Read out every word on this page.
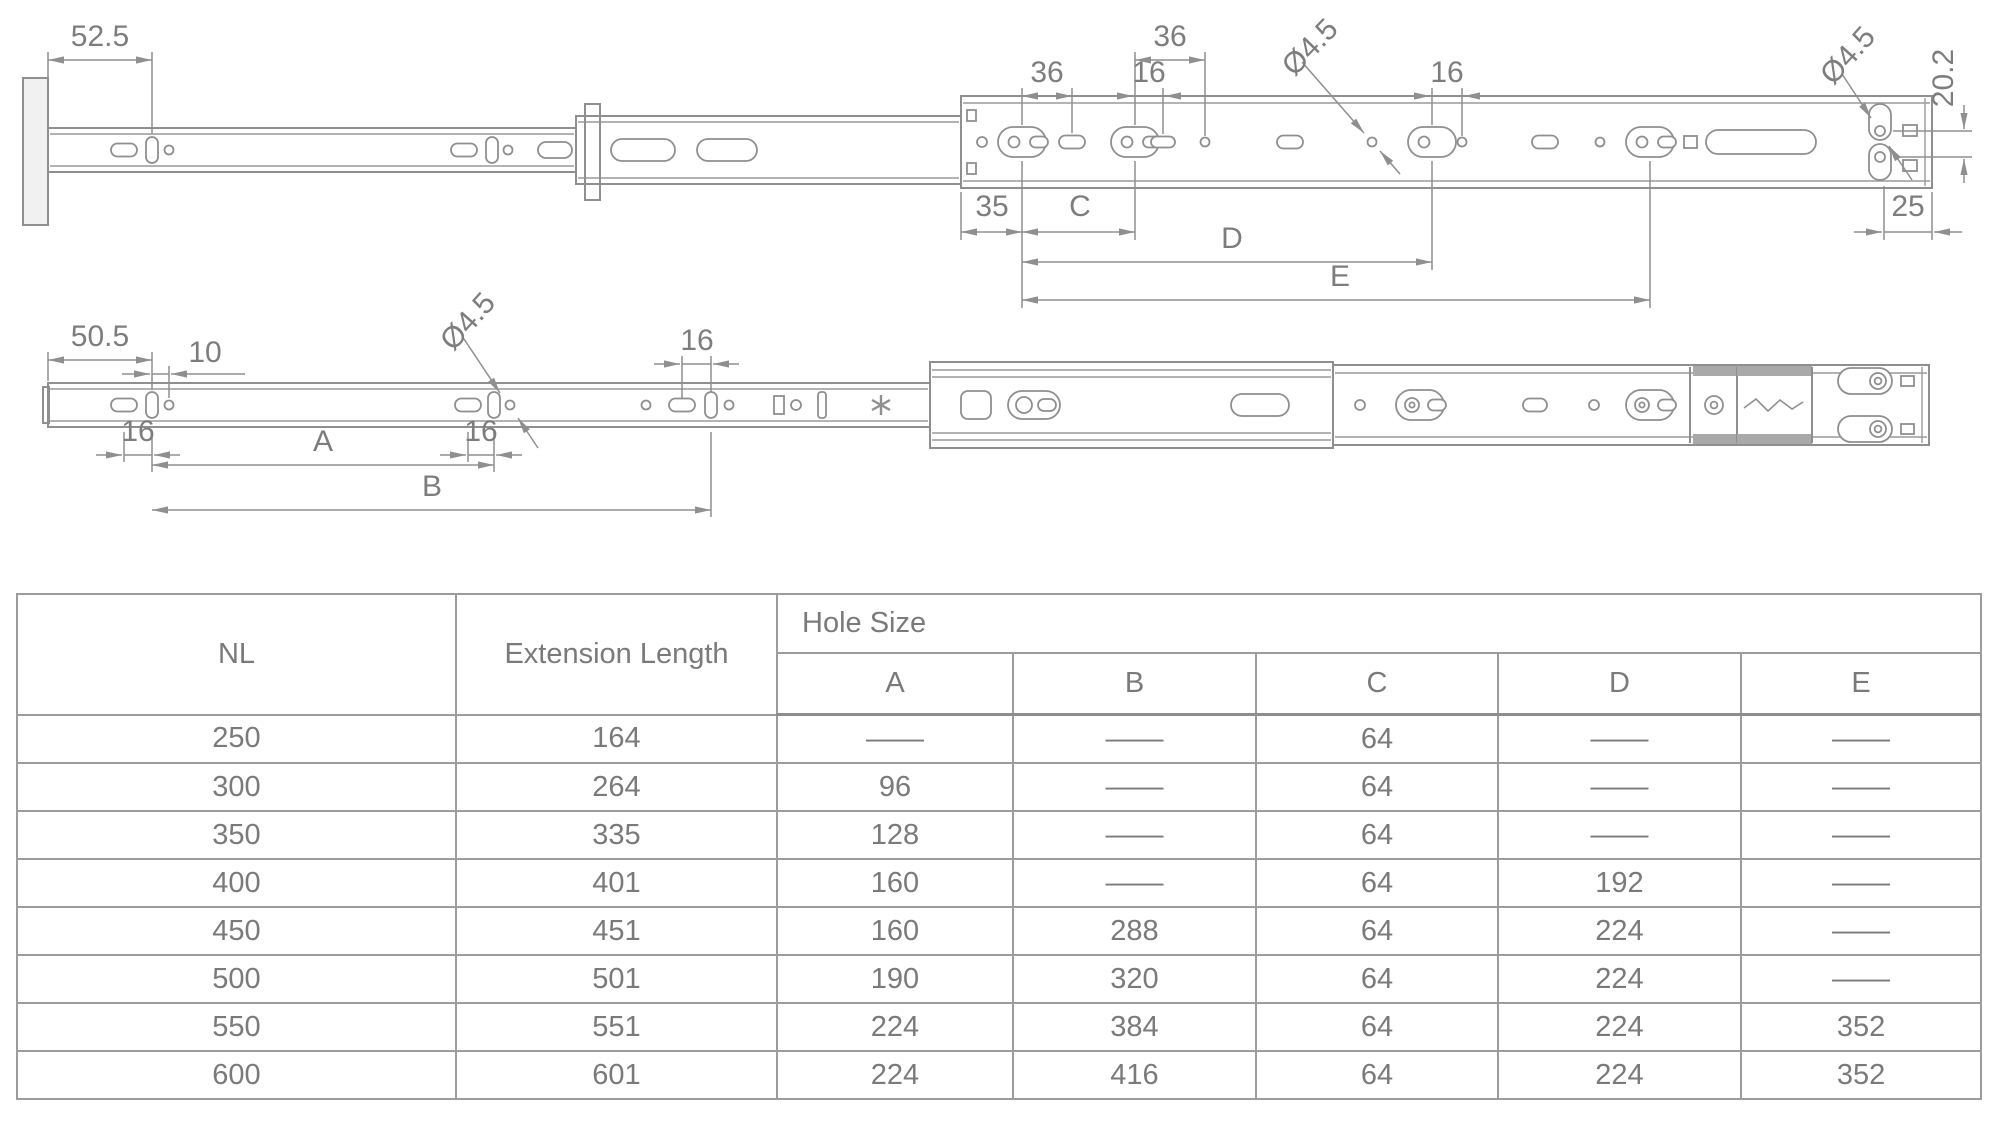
52.5
36
36
16	Ø4.5	16	Ø4.5 20.2
25
35 C
D
E
50.5 10	Ø4.5	16
16	A	16
B
NL	Extension Length	Hole Size				
		A	B	C	D	E
250	164	——	——	64	——	——
300	264	96	——	64	——	——
350	335	128	——	64	——	——
400	401	160	——	64	192	——
450	451	160	288	64	224	——
500	501	190	320	64	224	——
550	551	224	384	64	224	352
600	601	224	416	64	224	352
